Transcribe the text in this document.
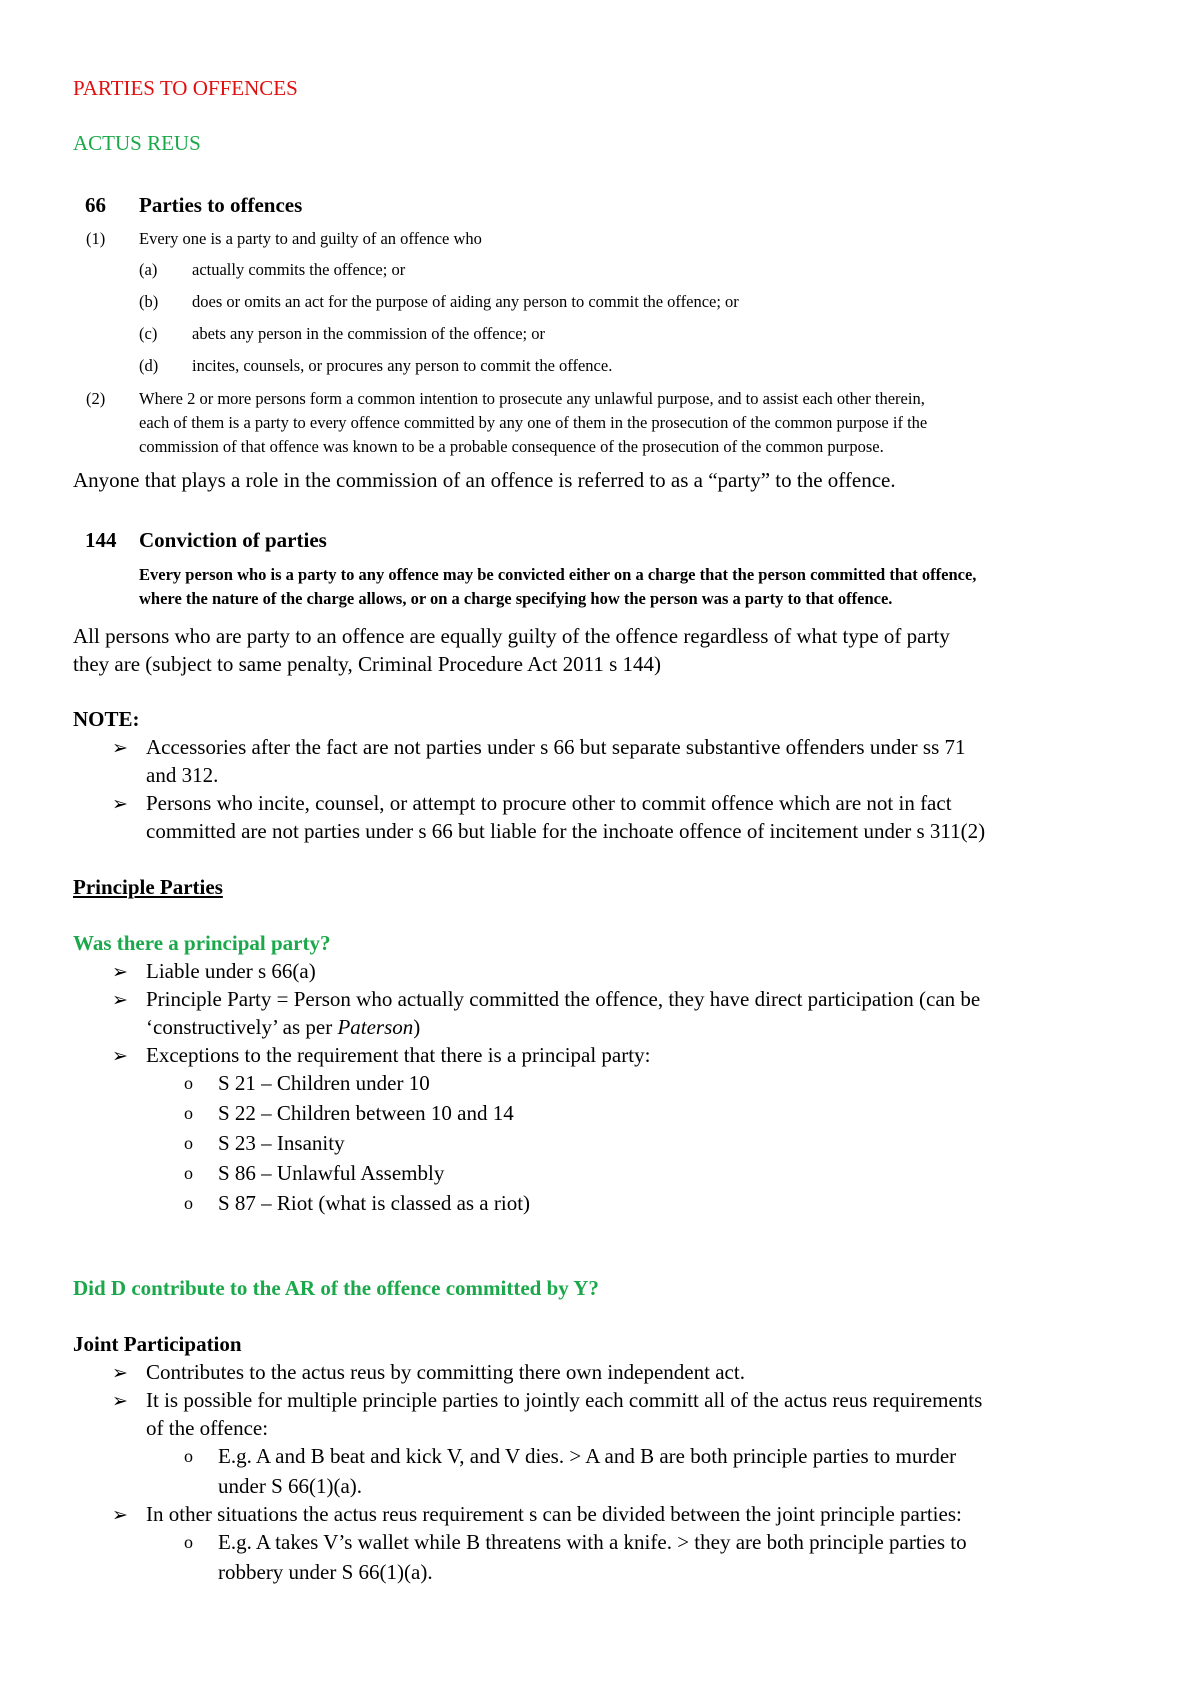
PARTIES TO OFFENCES
ACTUS REUS
66 Parties to offences
(1) Every one is a party to and guilty of an offence who
(a) actually commits the offence; or
(b) does or omits an act for the purpose of aiding any person to commit the offence; or
(c) abets any person in the commission of the offence; or
(d) incites, counsels, or procures any person to commit the offence.
(2) Where 2 or more persons form a common intention to prosecute any unlawful purpose, and to assist each other therein,
each of them is a party to every offence committed by any one of them in the prosecution of the common purpose if the
commission of that offence was known to be a probable consequence of the prosecution of the common purpose.
Anyone that plays a role in the commission of an offence is referred to as a “party” to the offence.
144 Conviction of parties
Every person who is a party to any offence may be convicted either on a charge that the person committed that offence,
where the nature of the charge allows, or on a charge specifying how the person was a party to that offence.
All persons who are party to an offence are equally guilty of the offence regardless of what type of party
they are (subject to same penalty, Criminal Procedure Act 2011 s 144)
NOTE:
➢ Accessories after the fact are not parties under s 66 but separate substantive offenders under ss 71
and 312.
➢ Persons who incite, counsel, or attempt to procure other to commit offence which are not in fact
committed are not parties under s 66 but liable for the inchoate offence of incitement under s 311(2)
Principle Parties
Was there a principal party?
➢ Liable under s 66(a)
➢ Principle Party = Person who actually committed the offence, they have direct participation (can be
‘constructively’ as per Paterson)
➢ Exceptions to the requirement that there is a principal party:
o S 21 – Children under 10
o S 22 – Children between 10 and 14
o S 23 – Insanity
o S 86 – Unlawful Assembly
o S 87 – Riot (what is classed as a riot)
Did D contribute to the AR of the offence committed by Y?
Joint Participation
➢ Contributes to the actus reus by committing there own independent act.
➢ It is possible for multiple principle parties to jointly each committ all of the actus reus requirements
of the offence:
o E.g. A and B beat and kick V, and V dies. > A and B are both principle parties to murder
under S 66(1)(a).
➢ In other situations the actus reus requirement s can be divided between the joint principle parties:
o E.g. A takes V’s wallet while B threatens with a knife. > they are both principle parties to
robbery under S 66(1)(a).
